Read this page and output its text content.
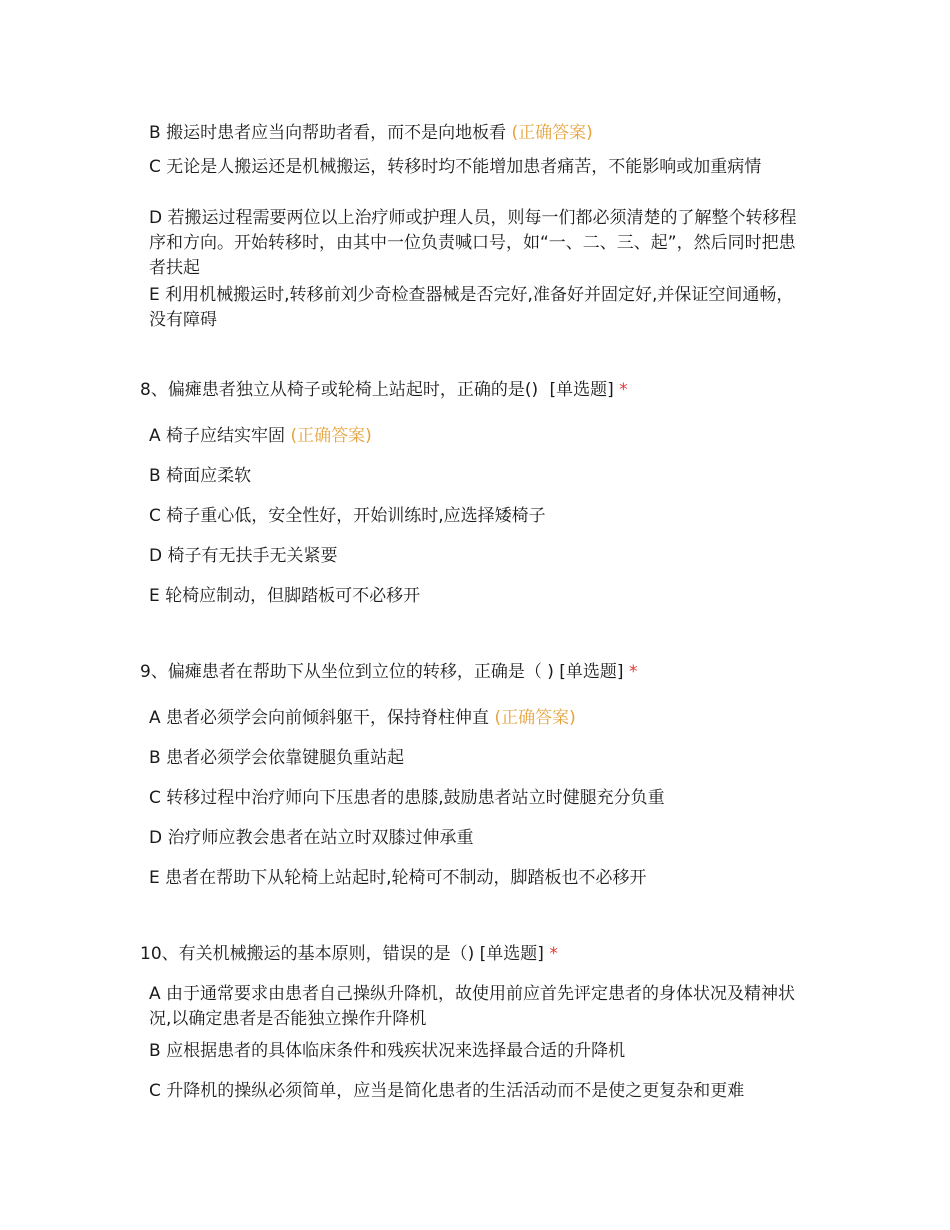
B 搬运时患者应当向帮助者看，而不是向地板看 (正确答案)
C 无论是人搬运还是机械搬运，转移时均不能增加患者痛苦，不能影响或加重病情
D 若搬运过程需要两位以上治疗师或护理人员，则每一们都必须清楚的了解整个转移程序和方向。开始转移时，由其中一位负责喊口号，如“一、二、三、起”，然后同时把患者扶起
E 利用机械搬运时,转移前刘少奇检查器械是否完好,准备好并固定好,并保证空间通畅，没有障碍
8、偏瘫患者独立从椅子或轮椅上站起时，正确的是() [单选题] *
A 椅子应结实牢固 (正确答案)
B 椅面应柔软
C 椅子重心低，安全性好，开始训练时,应选择矮椅子
D 椅子有无扶手无关紧要
E 轮椅应制动，但脚踏板可不必移开
9、偏瘫患者在帮助下从坐位到立位的转移，正确是（ ) [单选题] *
A 患者必须学会向前倾斜躯干，保持脊柱伸直 (正确答案)
B 患者必须学会依靠键腿负重站起
C 转移过程中治疗师向下压患者的患膝,鼓励患者站立时健腿充分负重
D 治疗师应教会患者在站立时双膝过伸承重
E 患者在帮助下从轮椅上站起时,轮椅可不制动，脚踏板也不必移开
10、有关机械搬运的基本原则，错误的是（) [单选题] *
A 由于通常要求由患者自己操纵升降机，故使用前应首先评定患者的身体状况及精神状况,以确定患者是否能独立操作升降机
B 应根据患者的具体临床条件和残疾状况来选择最合适的升降机
C 升降机的操纵必须简单，应当是简化患者的生活活动而不是使之更复杂和更难
